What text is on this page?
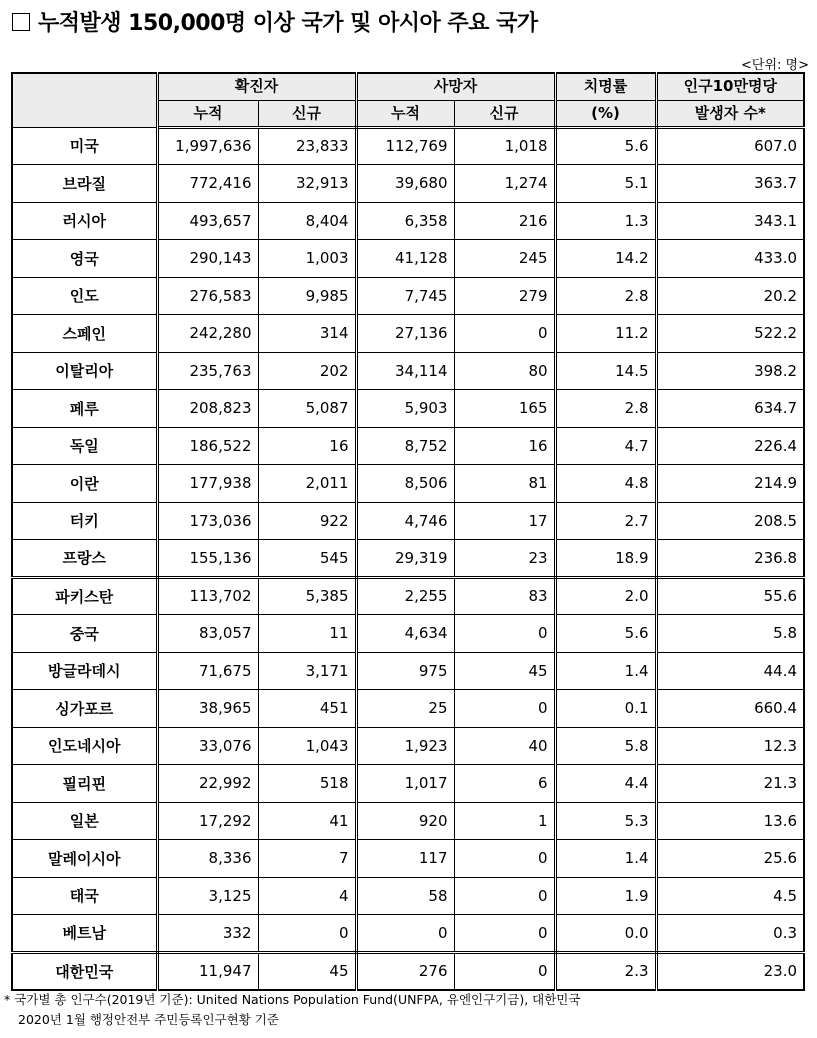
누적발생 150,000명 이상 국가 및 아시아 주요 국가
<단위: 명>
	확진자		사망자		치명률	인구10만명당
	누적	신규	누적	신규	(%)	발생자 수*
미국	1,997,636	23,833	112,769	1,018	5.6	607.0
브라질	772,416	32,913	39,680	1,274	5.1	363.7
러시아	493,657	8,404	6,358	216	1.3	343.1
영국	290,143	1,003	41,128	245	14.2	433.0
인도	276,583	9,985	7,745	279	2.8	20.2
스페인	242,280	314	27,136	0	11.2	522.2
이탈리아	235,763	202	34,114	80	14.5	398.2
페루	208,823	5,087	5,903	165	2.8	634.7
독일	186,522	16	8,752	16	4.7	226.4
이란	177,938	2,011	8,506	81	4.8	214.9
터키	173,036	922	4,746	17	2.7	208.5
프랑스	155,136	545	29,319	23	18.9	236.8
파키스탄	113,702	5,385	2,255	83	2.0	55.6
중국	83,057	11	4,634	0	5.6	5.8
방글라데시	71,675	3,171	975	45	1.4	44.4
싱가포르	38,965	451	25	0	0.1	660.4
인도네시아	33,076	1,043	1,923	40	5.8	12.3
필리핀	22,992	518	1,017	6	4.4	21.3
일본	17,292	41	920	1	5.3	13.6
말레이시아	8,336	7	117	0	1.4	25.6
태국	3,125	4	58	0	1.9	4.5
베트남	332	0	0	0	0.0	0.3
대한민국	11,947	45	276	0	2.3	23.0
* 국가별 총 인구수(2019년 기준): United Nations Population Fund(UNFPA, 유엔인구기금), 대한민국
2020년 1월 행정안전부 주민등록인구현황 기준
